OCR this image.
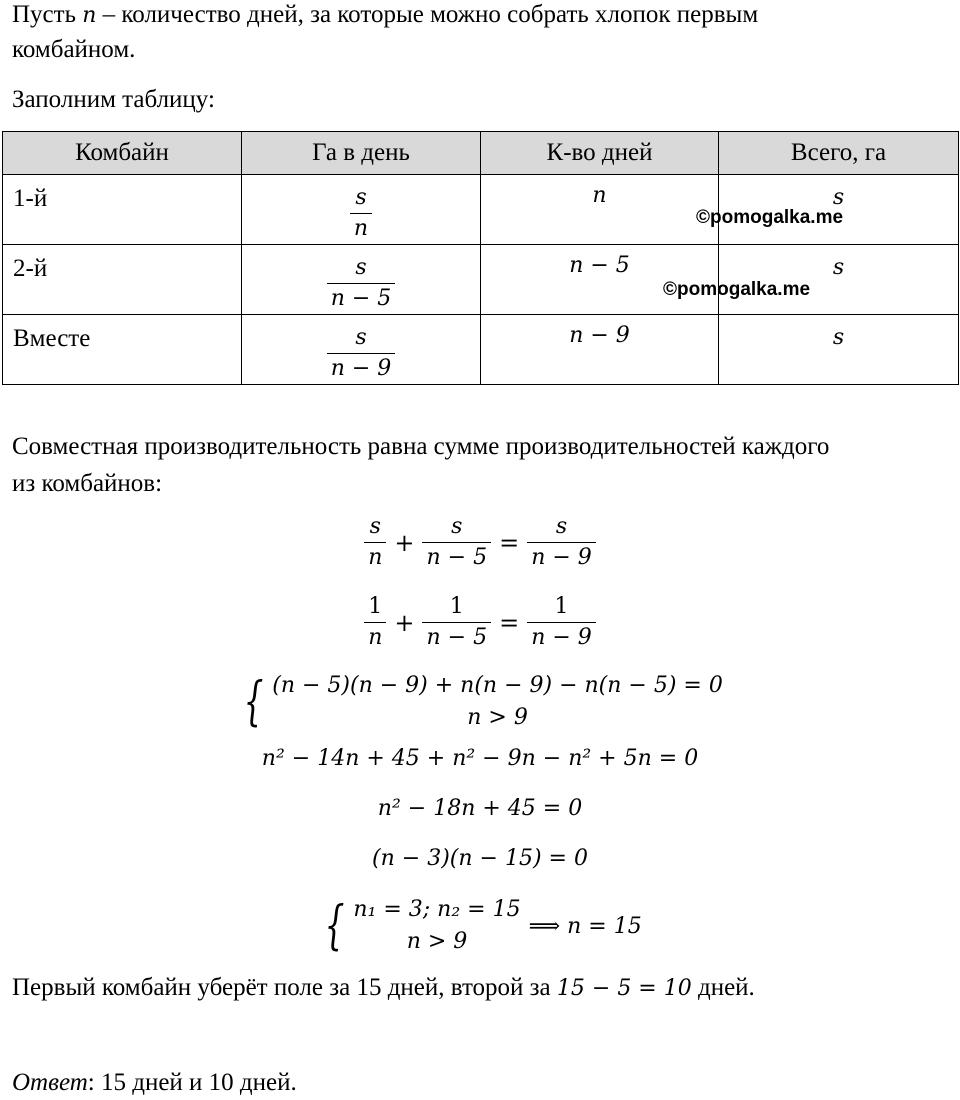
Пусть n – количество дней, за которые можно собрать хлопок первым
комбайном.
Заполним таблицу:
Комбайн	Га в день	К-во дней	Всего, га

1-й	$\frac{s}{n}$	n	s

2-й	$\frac{s}{n - 5}$	n − 5	s

Вместе	$\frac{s}{n - 9}$	n − 9	s
©pomogalka.me
©pomogalka.me
Совместная производительность равна сумме производительностей каждого
из комбайнов:
$\frac{s}{n} + \frac{s}{n - 5} = \frac{s}{n - 9}$
$\frac{1}{n} + \frac{1}{n - 5} = \frac{1}{n - 9}$
{ (n − 5)(n − 9) + n(n − 9) − n(n − 5) = 0
n > 9
n² − 14n + 45 + n² − 9n − n² + 5n = 0
n² − 18n + 45 = 0
(n − 3)(n − 15) = 0
{ n₁ = 3; n₂ = 15
n > 9
⟹ n = 15
Первый комбайн уберёт поле за 15 дней, второй за 15 − 5 = 10 дней.
Ответ: 15 дней и 10 дней.
